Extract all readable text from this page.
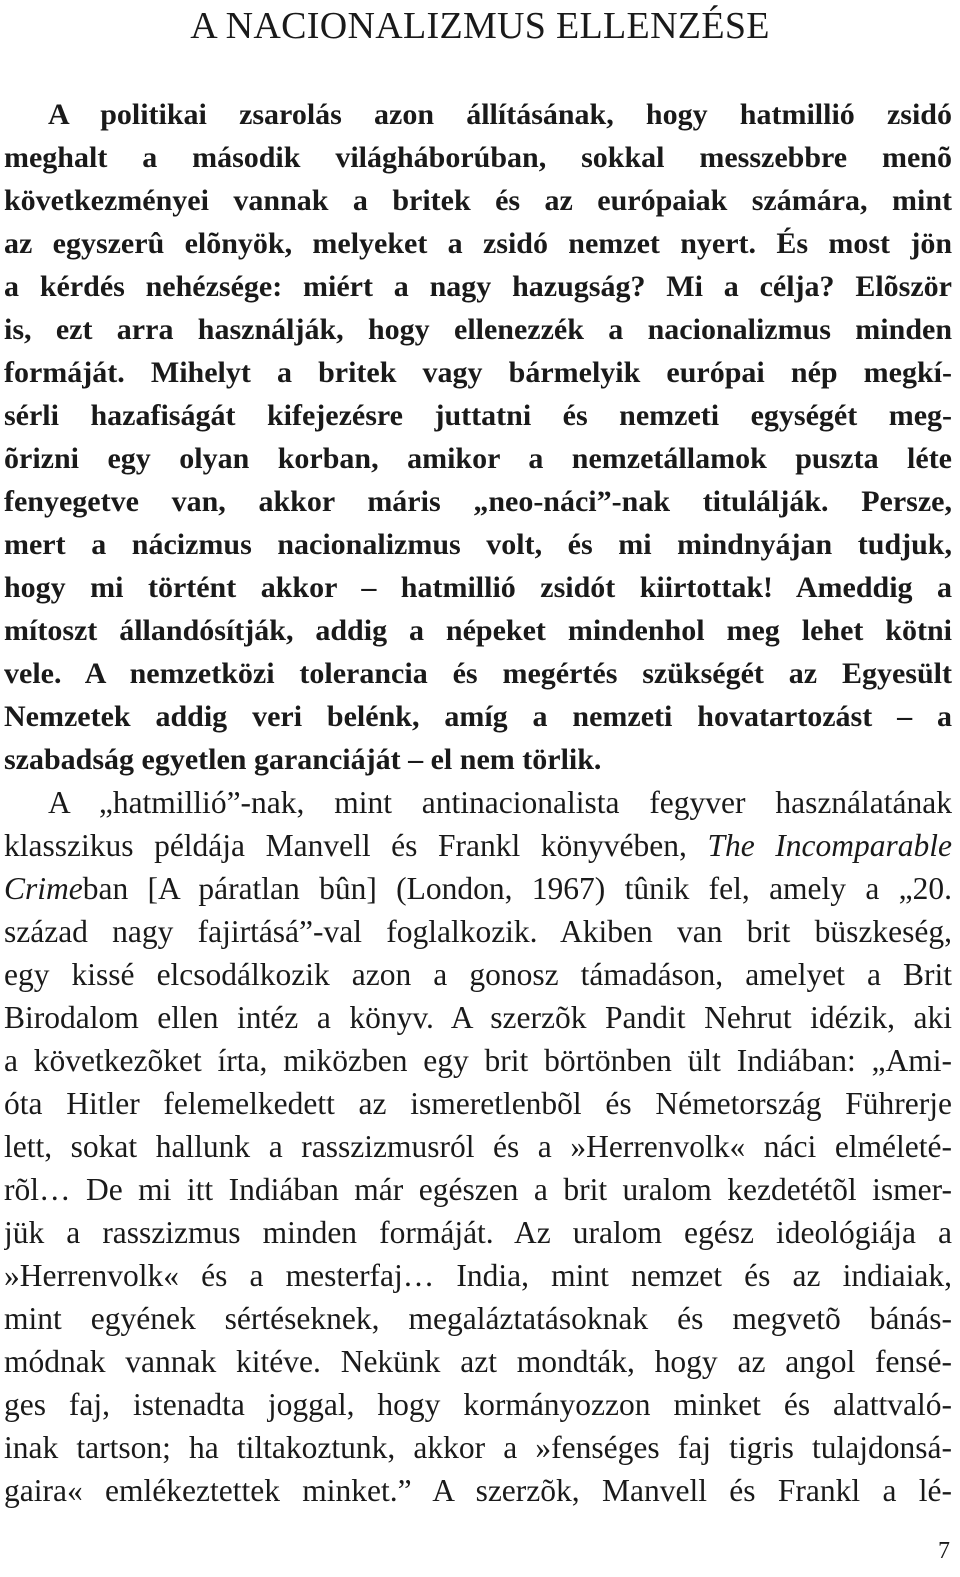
A NACIONALIZMUS ELLENZÉSE
A politikai zsarolás azon állításának, hogy hatmillió zsidó
meghalt a második világháborúban, sokkal messzebbre menõ
következményei vannak a britek és az európaiak számára, mint
az egyszerû elõnyök, melyeket a zsidó nemzet nyert. És most jön
a kérdés nehézsége: miért a nagy hazugság? Mi a célja? Elõször
is, ezt arra használják, hogy ellenezzék a nacionalizmus minden
formáját. Mihelyt a britek vagy bármelyik európai nép megkí-
sérli hazafiságát kifejezésre juttatni és nemzeti egységét meg-
õrizni egy olyan korban, amikor a nemzetállamok puszta léte
fenyegetve van, akkor máris „neo-náci”-nak titulálják. Persze,
mert a nácizmus nacionalizmus volt, és mi mindnyájan tudjuk,
hogy mi történt akkor – hatmillió zsidót kiirtottak! Ameddig a
mítoszt állandósítják, addig a népeket mindenhol meg lehet kötni
vele. A nemzetközi tolerancia és megértés szükségét az Egyesült
Nemzetek addig veri belénk, amíg a nemzeti hovatartozást – a
szabadság egyetlen garanciáját – el nem törlik.
A „hatmillió”-nak, mint antinacionalista fegyver használatának
klasszikus példája Manvell és Frankl könyvében, The Incomparable
Crimeban [A páratlan bûn] (London, 1967) tûnik fel, amely a „20.
század nagy fajirtásá”-val foglalkozik. Akiben van brit büszkeség,
egy kissé elcsodálkozik azon a gonosz támadáson, amelyet a Brit
Birodalom ellen intéz a könyv. A szerzõk Pandit Nehrut idézik, aki
a következõket írta, miközben egy brit börtönben ült Indiában: „Ami-
óta Hitler felemelkedett az ismeretlenbõl és Németország Führerje
lett, sokat hallunk a rasszizmusról és a »Herrenvolk« náci elméleté-
rõl… De mi itt Indiában már egészen a brit uralom kezdetétõl ismer-
jük a rasszizmus minden formáját. Az uralom egész ideológiája a
»Herrenvolk« és a mesterfaj… India, mint nemzet és az indiaiak,
mint egyének sértéseknek, megaláztatásoknak és megvetõ bánás-
módnak vannak kitéve. Nekünk azt mondták, hogy az angol fensé-
ges faj, istenadta joggal, hogy kormányozzon minket és alattvaló-
inak tartson; ha tiltakoztunk, akkor a »fenséges faj tigris tulajdonsá-
gaira« emlékeztettek minket.” A szerzõk, Manvell és Frankl a lé-
7
